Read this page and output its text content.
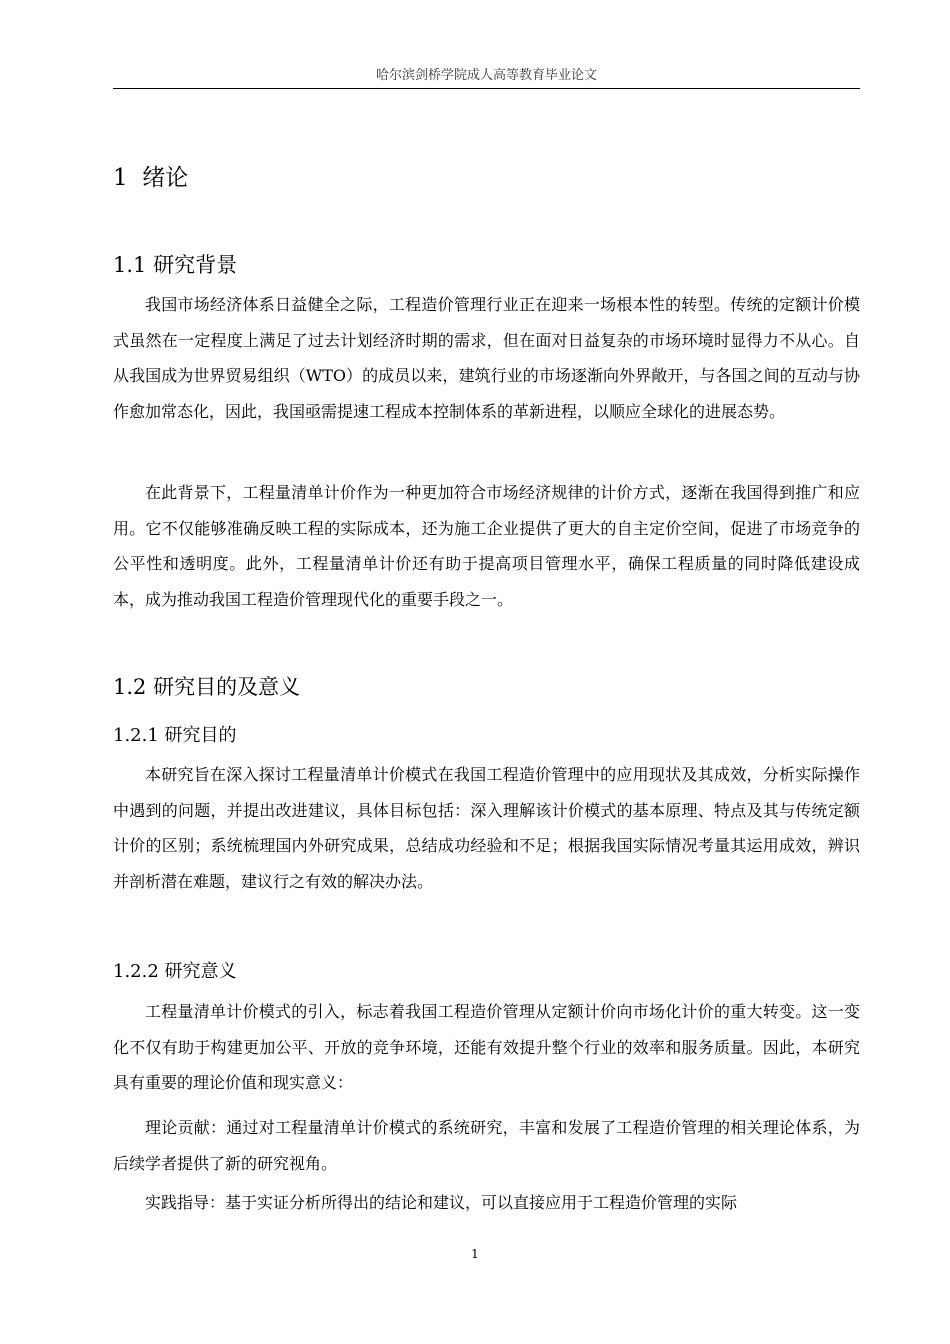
哈尔滨剑桥学院成人高等教育毕业论文
1  绪论
1.1 研究背景

我国市场经济体系日益健全之际，工程造价管理行业正在迎来一场根本性的转型。传统的定额计价模式虽然在一定程度上满足了过去计划经济时期的需求，但在面对日益复杂的市场环境时显得力不从心。自从我国成为世界贸易组织（WTO）的成员以来，建筑行业的市场逐渐向外界敞开，与各国之间的互动与协作愈加常态化，因此，我国亟需提速工程成本控制体系的革新进程，以顺应全球化的进展态势。

在此背景下，工程量清单计价作为一种更加符合市场经济规律的计价方式，逐渐在我国得到推广和应用。它不仅能够准确反映工程的实际成本，还为施工企业提供了更大的自主定价空间，促进了市场竞争的公平性和透明度。此外，工程量清单计价还有助于提高项目管理水平，确保工程质量的同时降低建设成本，成为推动我国工程造价管理现代化的重要手段之一。

1.2 研究目的及意义
1.2.1 研究目的

本研究旨在深入探讨工程量清单计价模式在我国工程造价管理中的应用现状及其成效，分析实际操作中遇到的问题，并提出改进建议，具体目标包括：深入理解该计价模式的基本原理、特点及其与传统定额计价的区别；系统梳理国内外研究成果，总结成功经验和不足；根据我国实际情况考量其运用成效，辨识并剖析潜在难题，建议行之有效的解决办法。

1.2.2 研究意义

工程量清单计价模式的引入，标志着我国工程造价管理从定额计价向市场化计价的重大转变。这一变化不仅有助于构建更加公平、开放的竞争环境，还能有效提升整个行业的效率和服务质量。因此，本研究具有重要的理论价值和现实意义：

理论贡献：通过对工程量清单计价模式的系统研究，丰富和发展了工程造价管理的相关理论体系，为后续学者提供了新的研究视角。

实践指导：基于实证分析所得出的结论和建议，可以直接应用于工程造价管理的实际

1
